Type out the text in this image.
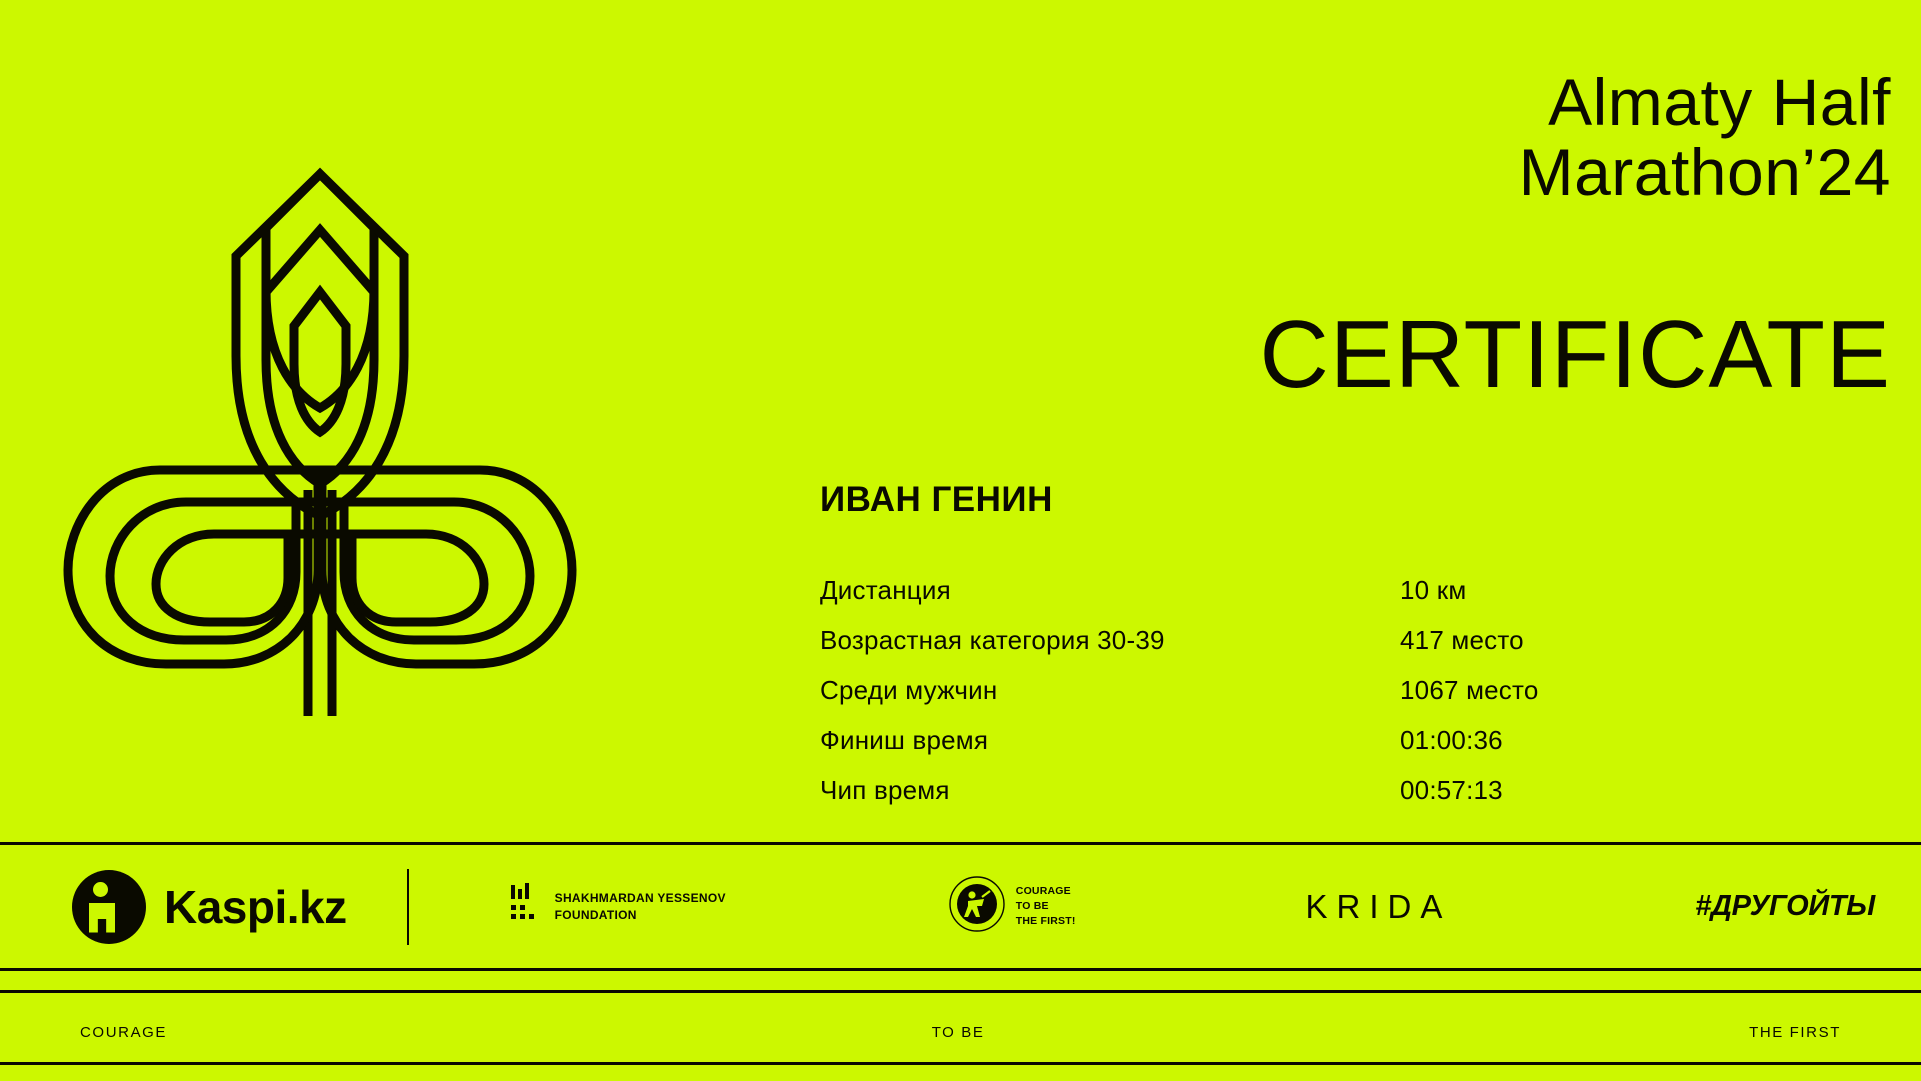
Almaty Half
Marathon’24
CERTIFICATE
ИВАН ГЕНИН
Дистанция	10 км
Возрастная категория 30-39	417 место
Среди мужчин	1067 место
Финиш время	01:00:36
Чип время	00:57:13
Kaspi.kz	SHAKHMARDAN YESSENOV
FOUNDATION
COURAGE
TO BE
THE FIRST!	KRIDA	#ДРУГОЙТЫ
COURAGE	TO BE	THE FIRST
